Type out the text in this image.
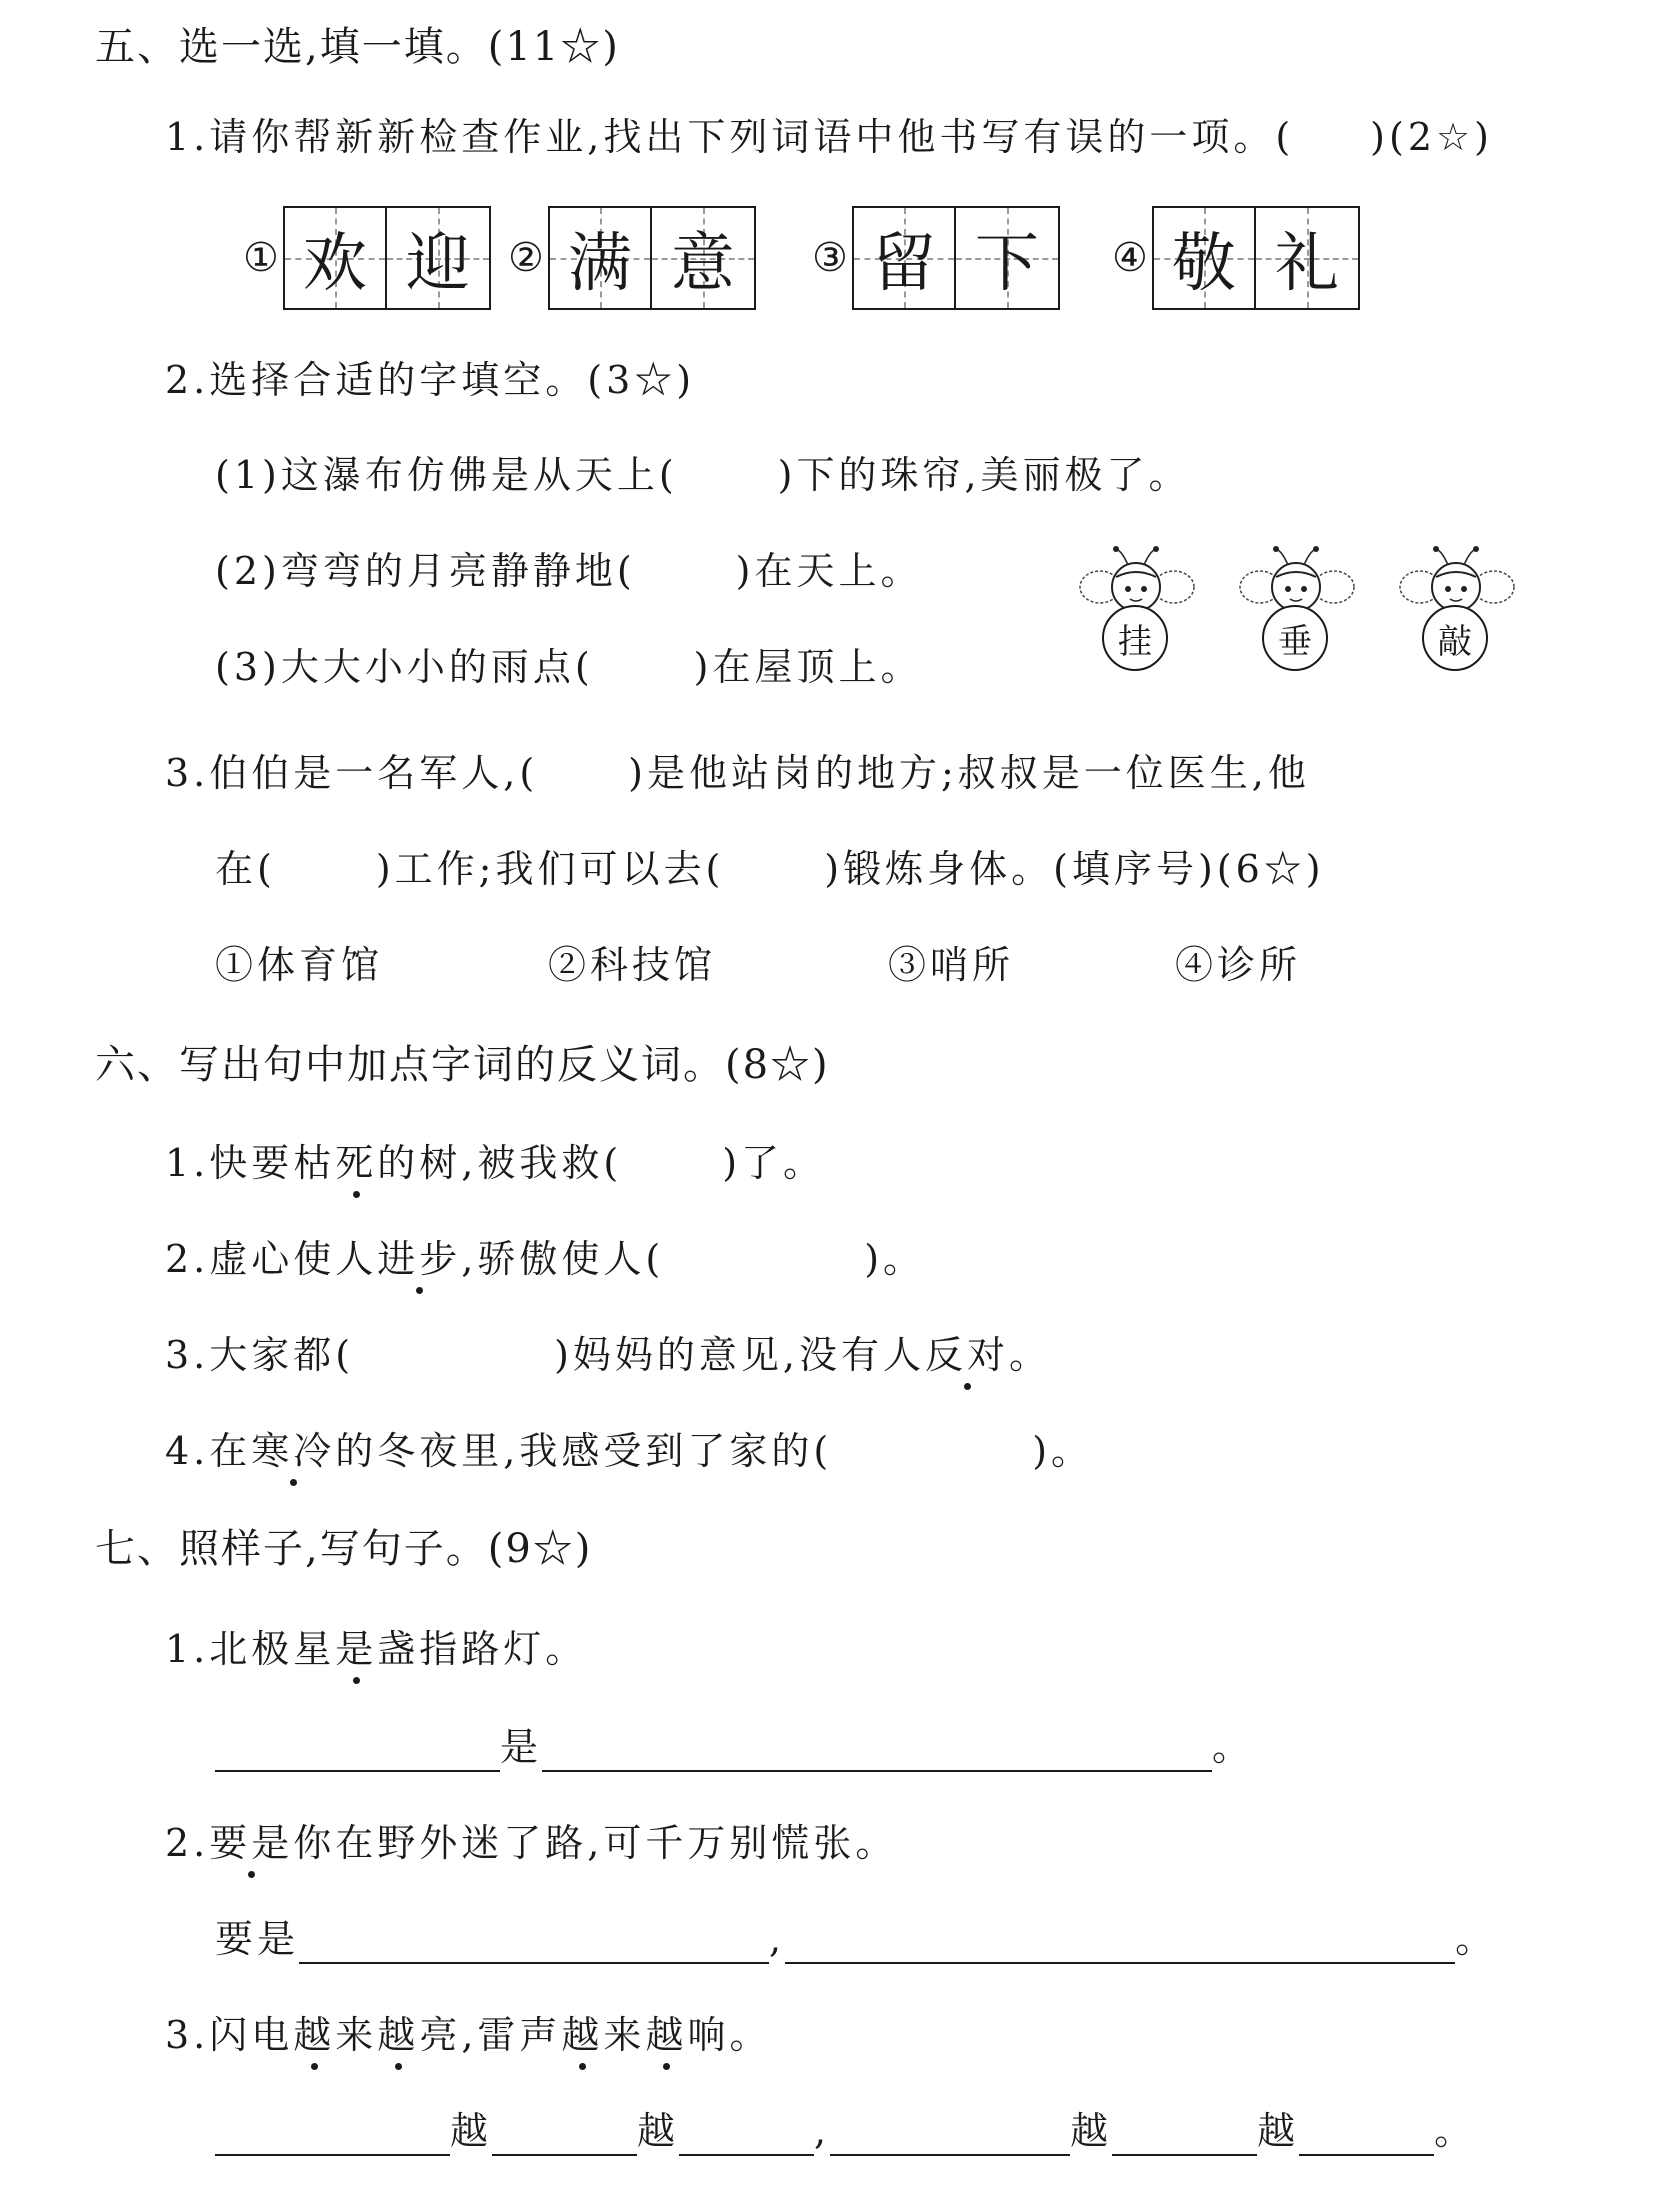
五、选一选,填一填。(11☆)
1.请你帮新新检查作业,找出下列词语中他书写有误的一项。( )(2☆)
① 欢 迎 ② 满 意 ③ 留 下 ④ 敬 礼
2.选择合适的字填空。(3☆)
(1)这瀑布仿佛是从天上(	)下的珠帘,美丽极了。
(2)弯弯的月亮静静地(	)在天上。
(3)大大小小的雨点(	)在屋顶上。
挂	垂	敲
3.伯伯是一名军人,( )是他站岗的地方;叔叔是一位医生,他
在(	)工作;我们可以去(	)锻炼身体。(填序号)(6☆)
①体育馆	②科技馆	③哨所	④诊所
六、写出句中加点字词的反义词。(8☆)
1.快要枯死的树,被我救(	)了。
2.虚心使人进步,骄傲使人(	)。
3.大家都(	)妈妈的意见,没有人反对。
4.在寒冷的冬夜里,我感受到了家的(	)。
七、照样子,写句子。(9☆)
1.北极星是盏指路灯。
是	。
2.要是你在野外迷了路,可千万别慌张。
要是	,	。
3.闪电越来越亮,雷声越来越响。
越	越	,	越	越	。
